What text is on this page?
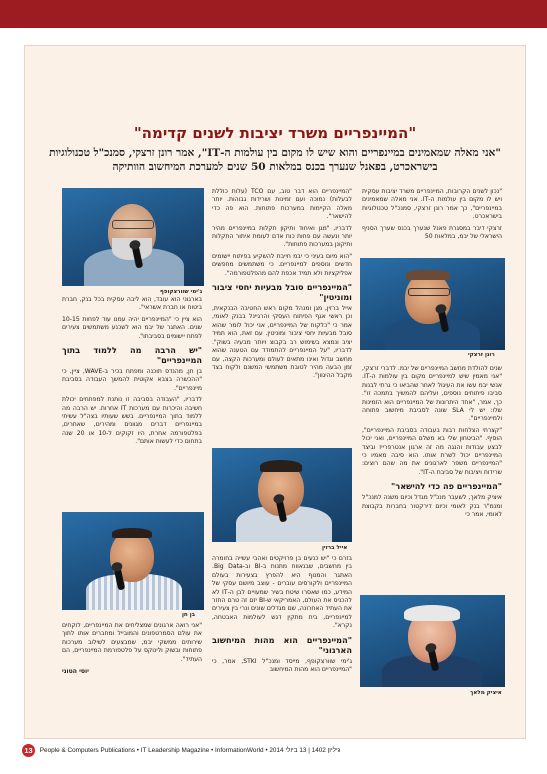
"המיינפריים משרד יציבות לשנים קדימה"
"אני מאלה שמאמינים במיינפריים והוא שיש לו מקום בין עולמות ה-IT", אמר רונן זרצקי, סמנכ"ל טכנולוגיות בישראכרט, בפאנל שנערך בכנס במלאות 50 שנים למערכת המיחשוב הוותיקה
רונן זרצקי
ג'ימי שוורצקופף
אייל ברזין
בן חן
איציק מלאך

"נכון לשנים הקרובות, המיינפריים משרד יציבות עסקית ויש לו מקום בין עולמות ה-IT. אני מאלה שמאמינים במיינפריים", כך אמר רונן זרצקי, סמנכ"ל טכנולוגיות בישראכרט.

זרצקי דיבר במסגרת פאנל שנערך בכנס שערך הסניף הישראלי של יבמ, במלאות 50

שנים להולדת מחשב המיינפריים של יבמ. לדברי זרצקי, "אני מאמין שיש למיינפריים מקום בין עולמות ה-IT. אנשי יבמ עשו את העיגול לאחר שהביאו כי גרתי לבנות סביבו פיתוחים נוספים, ועליהם להמשיך בתמכה זו". כך, אמר, "אחד היתרונות של המיינפריים הוא הזמינות שלו: יש לי SLA שונה לסביבת מיחשוב פתוחה ולמיינפריים".

"קצרתי הצלחות רבות בעבודה בסביבת המיינפריים", הוסיף. "הביטחון שלי בא משלם המיינפריים, ואני יכול לבצע עבודות והנגה מה זה ארגון אנטרפרייז וביצד המיינפריים יכול לשרת אותו. הוא סיבה מאמיו כי "המיינפריים משפר לארגונים את מה שהם רוצים: שרידות ויציבות של סביבת ה-IT".

"המיינפריים פה כדי להישאר"

איציק מלאך, לשעבר מנכ"ל מגדל וכיום משנה למנכ"ל ומנמ"ר בנק לאומי וכיום דירקטור בחברות בקבוצת לאומי, אמר כי

"המיינפריים הוא דבר טוב, עם TCO (עלות כוללת לבעלות) נמוכה ועם זמינות ושרידות גבוהות. יותר מאלה הקיימות במערכות פתוחות. הוא פה כדי להישאר".

לדבריו, "מגן ואיחוד ותיקון תקלות במיינפריים מהיר יותר ונעשה עם פחות כוח אדם לעומת איתור התקלות ותיקונן במערכות פתוחות".

"הוא מיום בעיני כי יבמ חייבת להשקיע בפיתוח יישומים חדשים ונוספים למיינפריים. כי משתמשים מחפשים אפליקציות ולא תמיד אכפת להם מהפלטפורמה".

"המיינפריים סובל מבעיות יחסי ציבור ומוניטין"

אייל ברזין, מגן ומנהל מקום ראש החטיבה הבנקאית, וכן ראשי אגף הפיתוח העסקי והרגיינל בבנק לאומי, אמר כי "כלקוח של המיינפריים, אני יכול לומר שהוא סובל מבעיות יחסי ציבור ומוניטין. עם זאת, הוא תמיד יציב ונמצא בשימוש רב בקבוצ ויותר מבעיה בשוק". לדבריו, "על המיינפריים להתמודד עם הטענה שהוא מחשב וגדול ואינו מתאים לעולם ומערכות הקצה, עם זמן הבעה מהיר לטובת משתמשי המשנם ולקוח בצד מקבל ההיגוון".

בזרם כי "יש כנעים בן פרויקטים ואהבי עשייה בחומרה בין מחשבים, שבנאווח מתנות ב-BI וב-Big Data. האתגר והמנוף היא להפרץ בצעירות בעולם המיינפריים ולקורסים עוברים - עוצב מיושם עסקי של המידע, כמו שאסרו שיטת בשיר שמעויים לבן ה-IT לא להכניס את העולם, האמריקאי ש-BI יזם זה טרם החזר את העתיד האחרונה, שם מגדלים שונים ונרי בין צעירים למיינפריים, בית מתקין דגש לעולמות האבטחה, נקרא".

"המיינפריים הוא מהות המיחשוב הארגוני"

ג'ימי שוורצקופף, מייסד ומנכ"ל STKI, אמר, כי "המיינפריים הוא מהות המיחשוב

בארגוני הוא עובד, הוא ליבה עסקית בכל בנק, חברת ביטוח או חברת אשראי".

הוא ציין כי "המיינפריים יהיה עמנו עוד לפחות 10-15 שנים. האתגר של יבמ הוא לשכנע משתמשים צעירים לפתח יישומים בסביבתו".

"יש הרבה מה ללמוד בתוך המיינפריים"

בן חן, מהנדס תוכנה ומפתח בכיר ב-WAVE, ציין, כי "ההכשרה בצבא אקוטית להמשך העבודה בסביבת מיינפריים".

לדבריו, "העבודה בסביבה זו נותנת למפתחים יכולת חשיבה והיכרות עם מערכות IT אחרות. יש הרבה מה ללמוד בתוך המיינפריים. בשש שעותיו בצה"ל עשיתי במיינפריים דברים מגוונים ומהירים, שאחרים, בפלטפורמה אחרת, היו זקוקים ל-10 או 20 שנה בתחום כדי לעשות אותם".

"אני רואה ארגונים שמצליחים את המיינפריים, לוקחים את עולם הסמרטפונים והמובייל ומחברים אותו לתוך שירותים ממשקי יבמ, שמבצעים לשילוב מערכות פתוחות ובשוק ולינוקס על פלטפורמת המיינפריים, הם העתיד".

יוסי הטוני

13 People & Computers Publications • IT Leadership Magazine • InformationWorld • גיליון 1402 | 13 ביולי 2014
